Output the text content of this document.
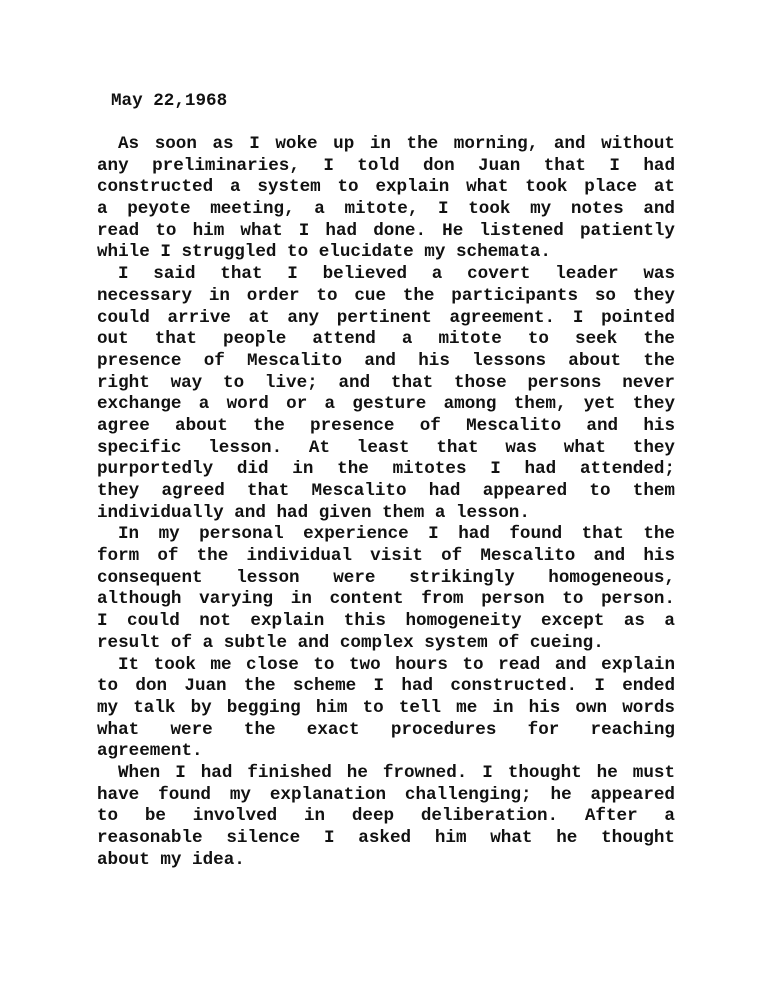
May 22,1968

As soon as I woke up in the morning, and without
any preliminaries, I told don Juan that I had
constructed a system to explain what took place at
a peyote meeting, a mitote, I took my notes and
read to him what I had done. He listened patiently
while I struggled to elucidate my schemata.
I said that I believed a covert leader was
necessary in order to cue the participants so they
could arrive at any pertinent agreement. I pointed
out that people attend a mitote to seek the
presence of Mescalito and his lessons about the
right way to live; and that those persons never
exchange a word or a gesture among them, yet they
agree about the presence of Mescalito and his
specific lesson. At least that was what they
purportedly did in the mitotes I had attended;
they agreed that Mescalito had appeared to them
individually and had given them a lesson.
In my personal experience I had found that the
form of the individual visit of Mescalito and his
consequent lesson were strikingly homogeneous,
although varying in content from person to person.
I could not explain this homogeneity except as a
result of a subtle and complex system of cueing.
It took me close to two hours to read and explain
to don Juan the scheme I had constructed. I ended
my talk by begging him to tell me in his own words
what were the exact procedures for reaching
agreement.
When I had finished he frowned. I thought he must
have found my explanation challenging; he appeared
to be involved in deep deliberation. After a
reasonable silence I asked him what he thought
about my idea.
